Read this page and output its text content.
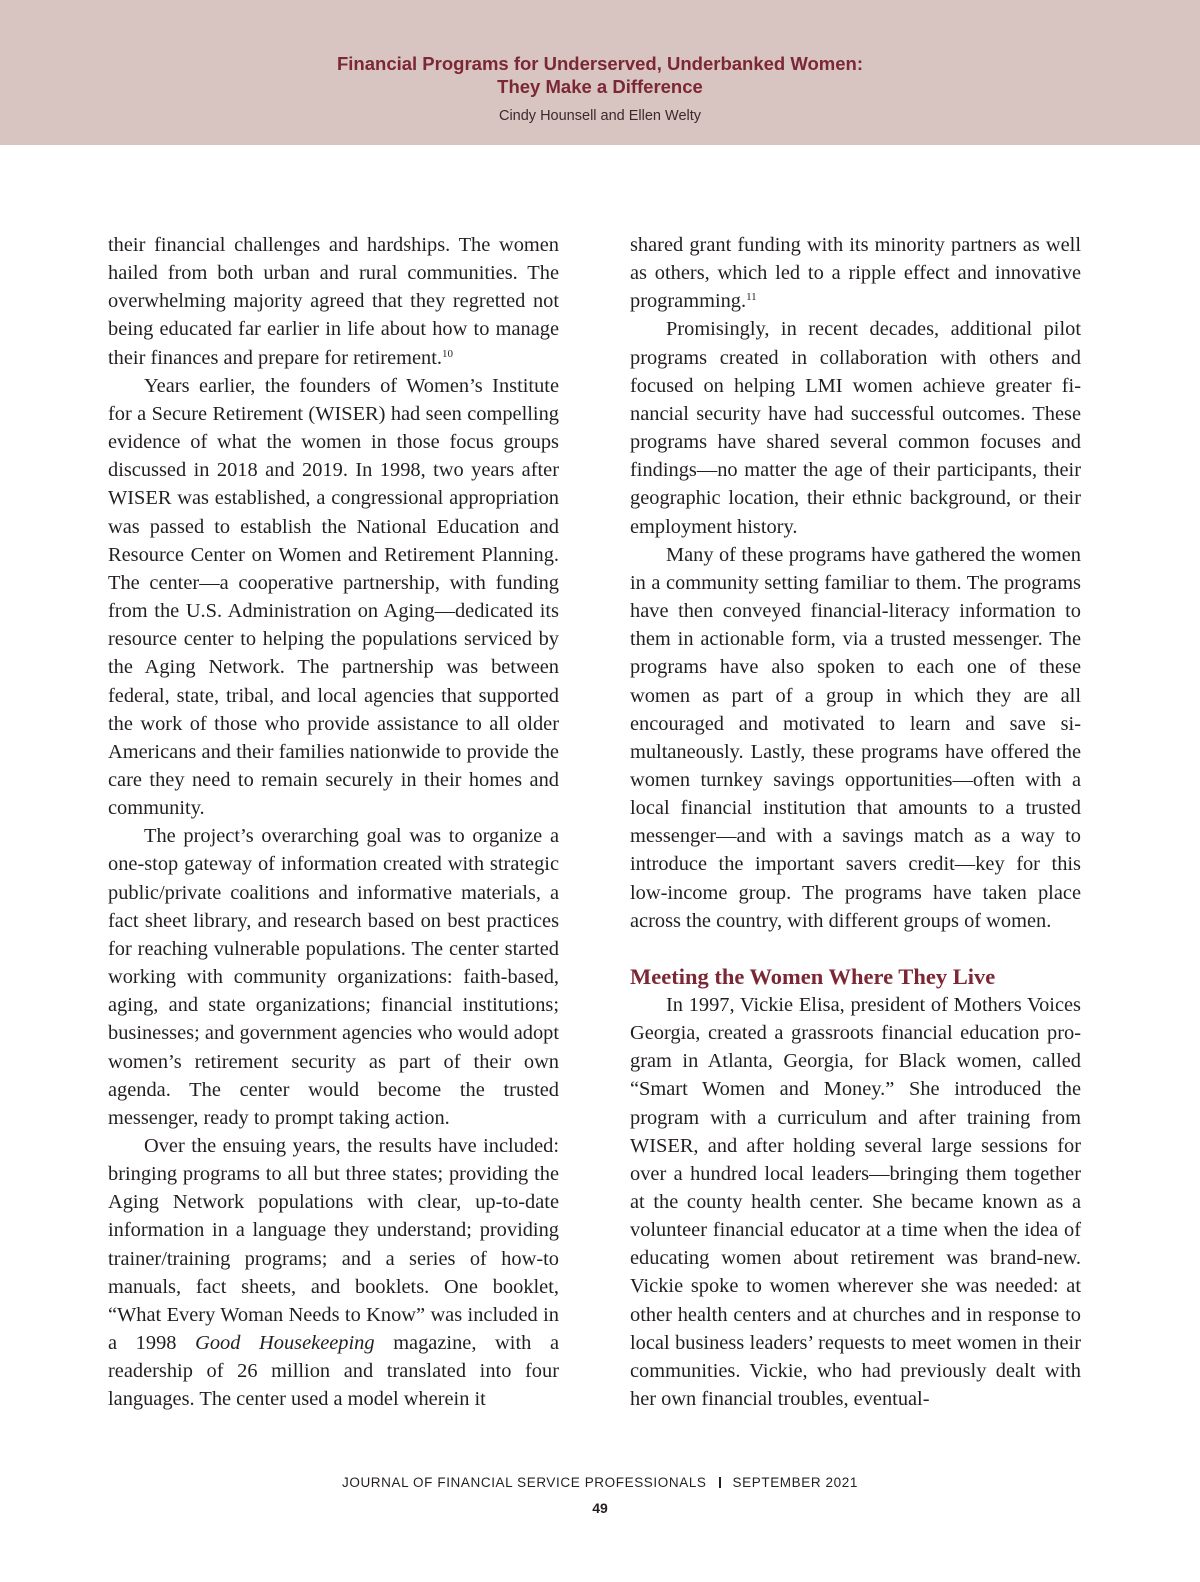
Financial Programs for Underserved, Underbanked Women:
They Make a Difference
Cindy Hounsell and Ellen Welty

their financial challenges and hardships. The women hailed from both urban and rural communities. The overwhelming majority agreed that they regretted not being educated far earlier in life about how to manage their finances and prepare for retirement.$^{10}$

Years earlier, the founders of Women’s Institute for a Secure Retirement (WISER) had seen compelling evidence of what the women in those focus groups discussed in 2018 and 2019. In 1998, two years after WISER was established, a congressional appropriation was passed to establish the National Education and Resource Center on Women and Retirement Planning. The center—a cooperative partnership, with funding from the U.S. Administration on Aging—dedicated its resource center to helping the populations serviced by the Aging Network. The partnership was between federal, state, tribal, and local agencies that supported the work of those who provide assistance to all older Americans and their families nationwide to provide the care they need to remain securely in their homes and community.

The project’s overarching goal was to organize a one-stop gateway of information created with strategic public/private coalitions and informative materials, a fact sheet library, and research based on best practices for reaching vulnerable populations. The center started working with community organizations: faith-based, aging, and state organizations; financial institutions; businesses; and government agencies who would adopt women’s retirement security as part of their own agenda. The center would become the trusted messenger, ready to prompt taking action.

Over the ensuing years, the results have included: bringing programs to all but three states; providing the Aging Network populations with clear, up-to-date information in a language they understand; providing trainer/training programs; and a series of how-to manuals, fact sheets, and booklets. One booklet, “What Every Woman Needs to Know” was included in a 1998 Good Housekeeping magazine, with a readership of 26 million and translated into four languages. The center used a model wherein it

shared grant funding with its minority partners as well as others, which led to a ripple effect and innovative programming.$^{11}$

Promisingly, in recent decades, additional pilot programs created in collaboration with others and focused on helping LMI women achieve greater financial security have had successful outcomes. These programs have shared several common focuses and findings—no matter the age of their participants, their geographic location, their ethnic background, or their employment history.

Many of these programs have gathered the women in a community setting familiar to them. The programs have then conveyed financial-literacy information to them in actionable form, via a trusted messenger. The programs have also spoken to each one of these women as part of a group in which they are all encouraged and motivated to learn and save simultaneously. Lastly, these programs have offered the women turnkey savings opportunities—often with a local financial institution that amounts to a trusted messenger—and with a savings match as a way to introduce the important savers credit—key for this low-income group. The programs have taken place across the country, with different groups of women.

Meeting the Women Where They Live

In 1997, Vickie Elisa, president of Mothers Voices Georgia, created a grassroots financial education program in Atlanta, Georgia, for Black women, called “Smart Women and Money.” She introduced the program with a curriculum and after training from WISER, and after holding several large sessions for over a hundred local leaders—bringing them together at the county health center. She became known as a volunteer financial educator at a time when the idea of educating women about retirement was brand-new. Vickie spoke to women wherever she was needed: at other health centers and at churches and in response to local business leaders’ requests to meet women in their communities. Vickie, who had previously dealt with her own financial troubles, eventual-

JOURNAL OF FINANCIAL SERVICE PROFESSIONALS SEPTEMBER 2021
49
